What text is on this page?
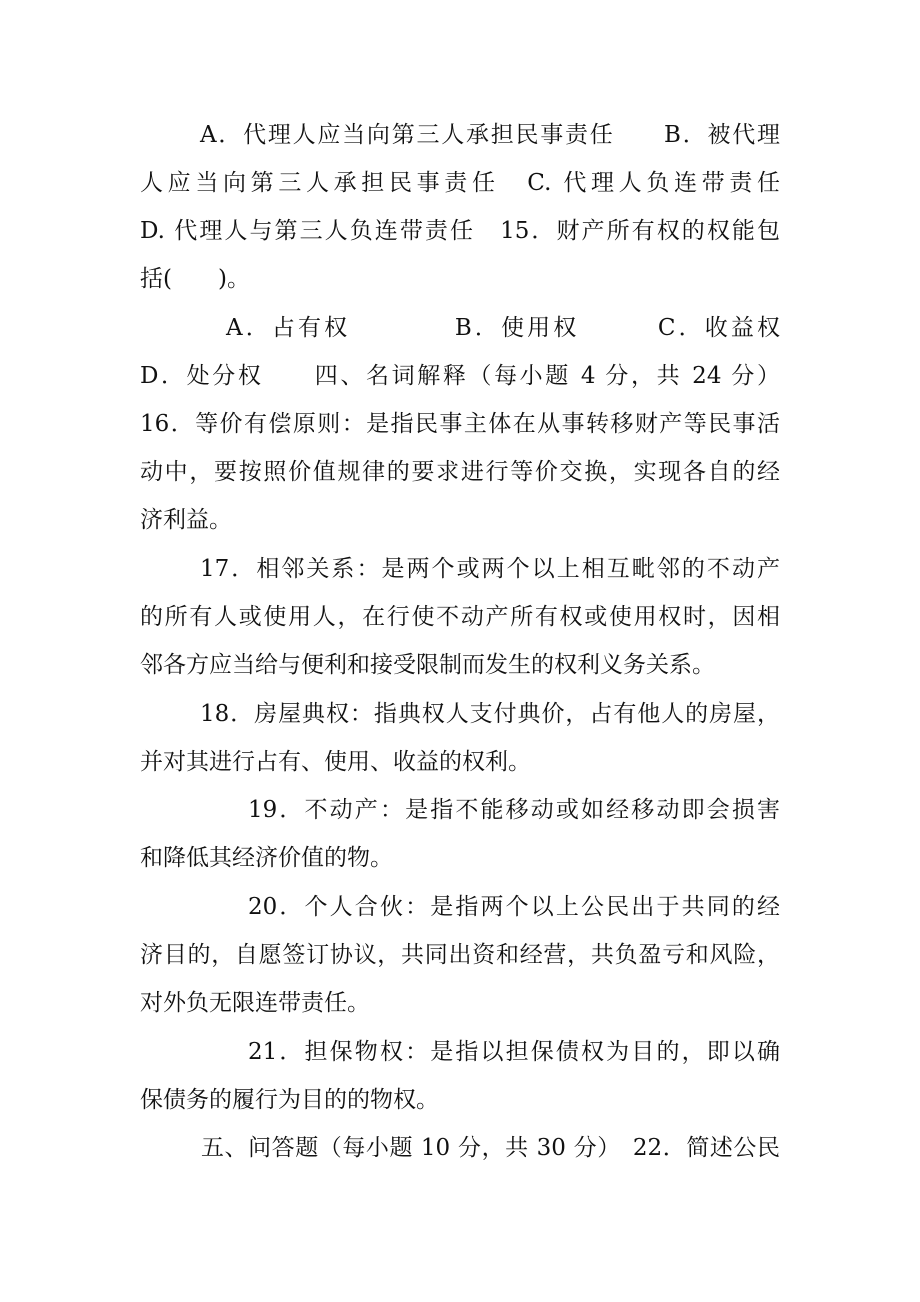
A．代理人应当向第三人承担民事责任　　B．被代理
人应当向第三人承担民事责任　C. 代理人负连带责任
D. 代理人与第三人负连带责任　15．财产所有权的权能包
括(　　)。
A．占有权　　　　B．使用权　　　C．收益权
D．处分权　　四、名词解释（每小题 4 分，共 24 分）
16．等价有偿原则：是指民事主体在从事转移财产等民事活
动中，要按照价值规律的要求进行等价交换，实现各自的经
济利益。
17．相邻关系：是两个或两个以上相互毗邻的不动产
的所有人或使用人，在行使不动产所有权或使用权时，因相
邻各方应当给与便利和接受限制而发生的权利义务关系。
18．房屋典权：指典权人支付典价，占有他人的房屋，
并对其进行占有、使用、收益的权利。
19．不动产：是指不能移动或如经移动即会损害
和降低其经济价值的物。
20．个人合伙：是指两个以上公民出于共同的经
济目的，自愿签订协议，共同出资和经营，共负盈亏和风险，
对外负无限连带责任。
21．担保物权：是指以担保债权为目的，即以确
保债务的履行为目的的物权。
五、问答题（每小题 10 分，共 30 分）　22．简述公民
